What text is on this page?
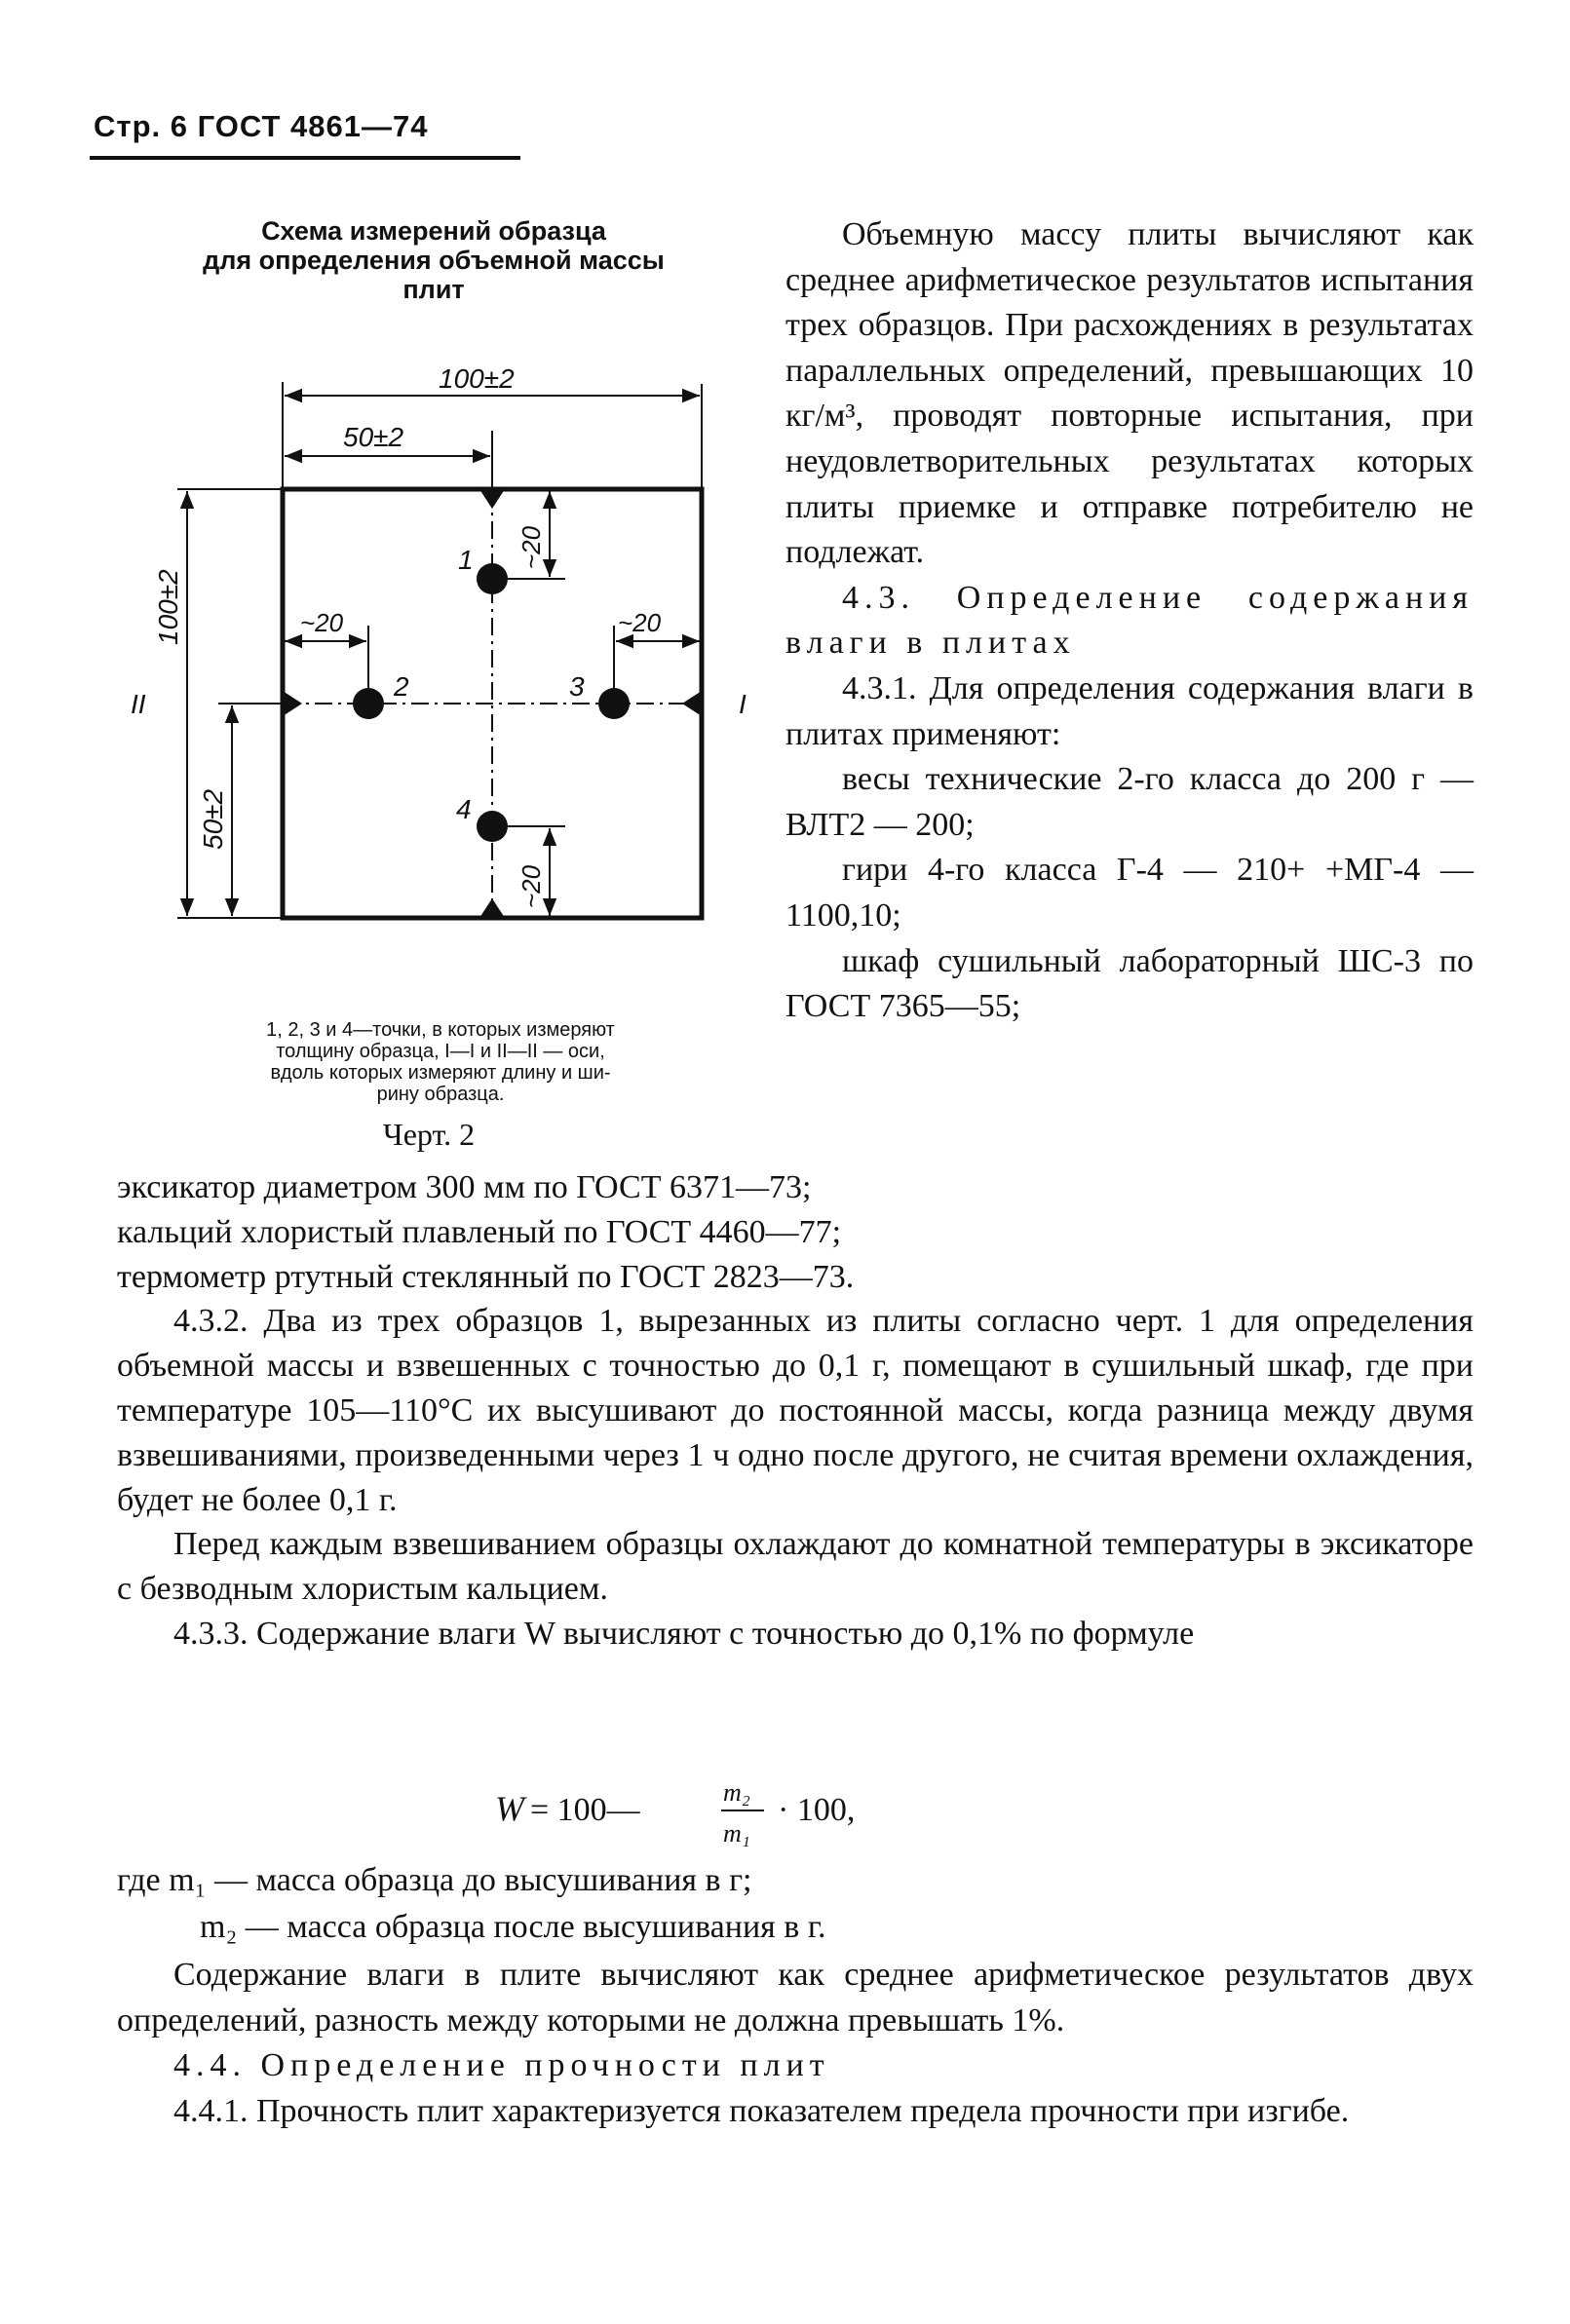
Стр. 6 ГОСТ 4861—74
Схема измерений образца
для определения объемной массы
плит
1
2	3
4
100±2
50±2
100±2
50±2
II	I
~20
~20
~20	~20
1, 2, 3 и 4—точки, в которых измеряют
толщину образца, I—I и II—II — оси,
вдоль которых измеряют длину и ши-
рину образца.
Черт. 2

Объемную массу плиты вычисляют как среднее арифметическое результатов испытания трех образцов. При расхождениях в результатах параллельных определений, превышающих 10 кг/м³, проводят повторные испытания, при неудовлетворительных результатах которых плиты приемке и отправке потребителю не подлежат.

4.3. Определение содержания влаги в плитах

4.3.1. Для определения содержания влаги в плитах применяют:

весы технические 2-го класса до 200 г — ВЛТ2 — 200;

гири 4-го класса Г-4 — 210+ +МГ-4 — 1100,10;

шкаф сушильный лабораторный ШС-3 по ГОСТ 7365—55;

эксикатор диаметром 300 мм по ГОСТ 6371—73;

кальций хлористый плавленый по ГОСТ 4460—77;

термометр ртутный стеклянный по ГОСТ 2823—73.

4.3.2. Два из трех образцов 1, вырезанных из плиты согласно черт. 1 для определения объемной массы и взвешенных с точностью до 0,1 г, помещают в сушильный шкаф, где при температуре 105—110°С их высушивают до постоянной массы, когда разница между двумя взвешиваниями, произведенными через 1 ч одно после другого, не считая времени охлаждения, будет не более 0,1 г.

Перед каждым взвешиванием образцы охлаждают до комнатной температуры в эксикаторе с безводным хлористым кальцием.

4.3.3. Содержание влаги W вычисляют с точностью до 0,1% по формуле

W = 100—	m₂
m₁
· 100,

где m₁ — масса образца до высушивания в г;

m₂ — масса образца после высушивания в г.

Содержание влаги в плите вычисляют как среднее арифметическое результатов двух определений, разность между которыми не должна превышать 1%.

4.4. Определение прочности плит

4.4.1. Прочность плит характеризуется показателем предела прочности при изгибе.
